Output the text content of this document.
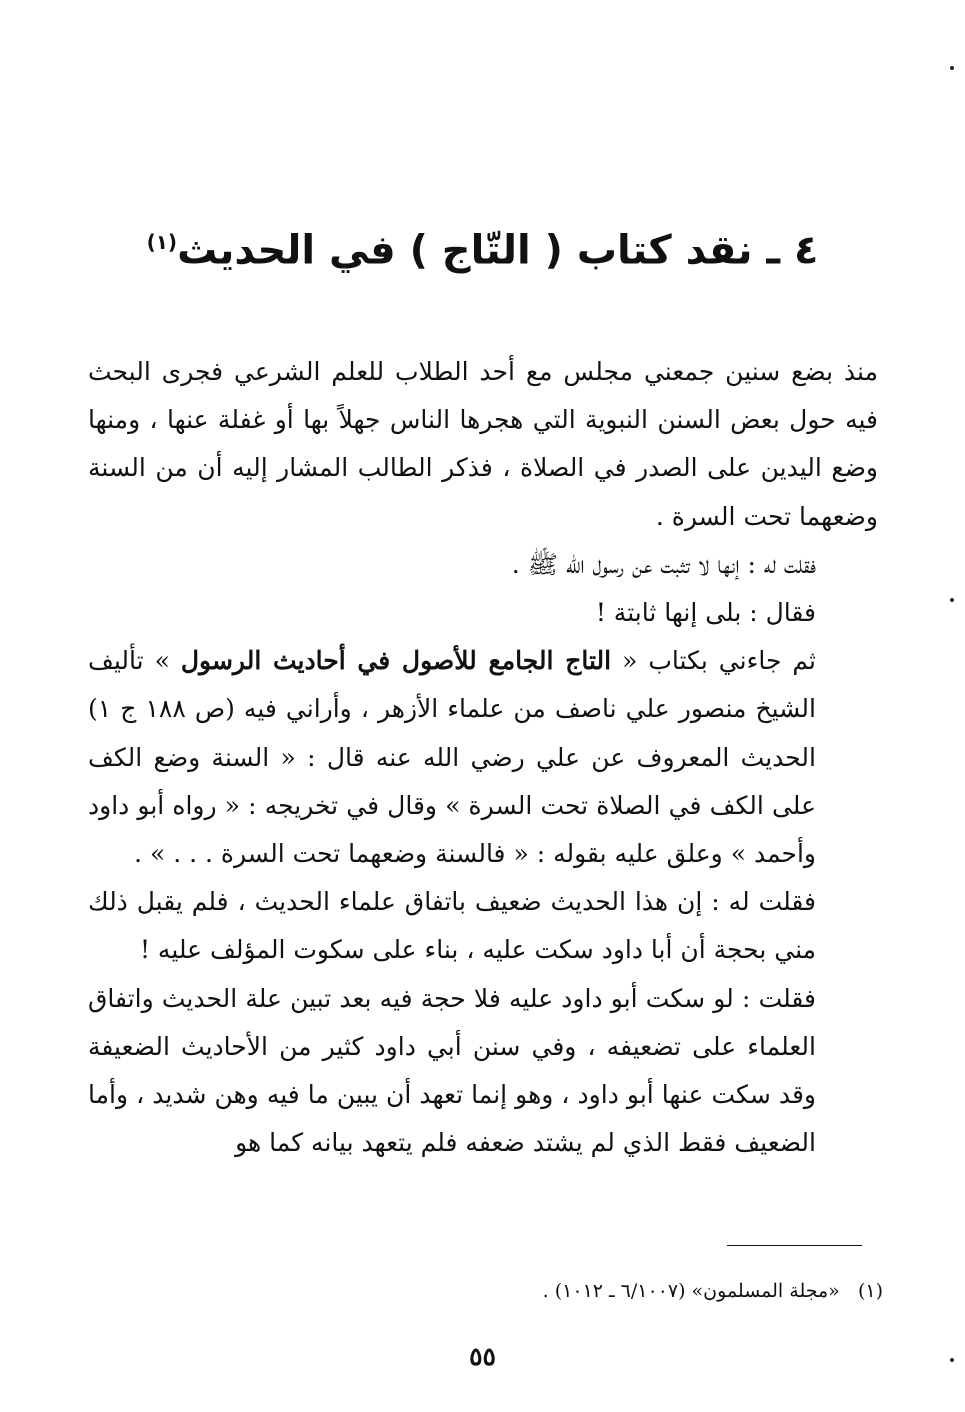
٤ ـ نقد كتاب ( التّاج ) في الحديث$^{(١)}$

منذ بضع سنين جمعني مجلس مع أحد الطلاب للعلم الشرعي فجرى البحث فيه حول بعض السنن النبوية التي هجرها الناس جهلاً بها أو غفلة عنها ، ومنها وضع اليدين على الصدر في الصلاة ، فذكر الطالب المشار إليه أن من السنة وضعهما تحت السرة .

فقلت له : إنها لا تثبت عن رسول الله ﷺ .

فقال : بلى إنها ثابتة !

ثم جاءني بكتاب « التاج الجامع للأصول في أحاديث الرسول » تأليف الشيخ منصور علي ناصف من علماء الأزهر ، وأراني فيه (ص ١٨٨ ج ١) الحديث المعروف عن علي رضي الله عنه قال : « السنة وضع الكف على الكف في الصلاة تحت السرة » وقال في تخريجه : « رواه أبو داود وأحمد » وعلق عليه بقوله : « فالسنة وضعهما تحت السرة . . . » .

فقلت له : إن هذا الحديث ضعيف باتفاق علماء الحديث ، فلم يقبل ذلك مني بحجة أن أبا داود سكت عليه ، بناء على سكوت المؤلف عليه !

فقلت : لو سكت أبو داود عليه فلا حجة فيه بعد تبين علة الحديث واتفاق العلماء على تضعيفه ، وفي سنن أبي داود كثير من الأحاديث الضعيفة وقد سكت عنها أبو داود ، وهو إنما تعهد أن يبين ما فيه وهن شديد ، وأما الضعيف فقط الذي لم يشتد ضعفه فلم يتعهد بيانه كما هو

(١)   «مجلة المسلمون» (٦/١٠٠٧ ـ ١٠١٢) .
٥٥
